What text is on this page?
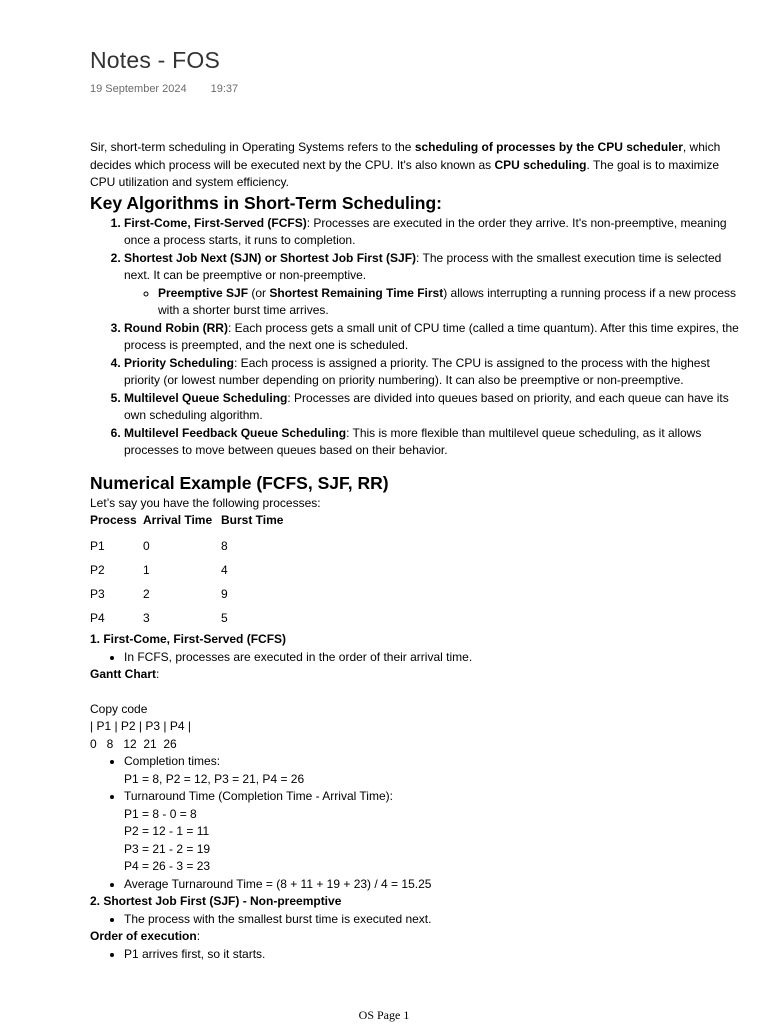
Notes - FOS
19 September 2024 19:37

Sir, short-term scheduling in Operating Systems refers to the scheduling of processes by the CPU scheduler, which decides which process will be executed next by the CPU. It's also known as CPU scheduling. The goal is to maximize CPU utilization and system efficiency.

Key Algorithms in Short-Term Scheduling:
1. First-Come, First-Served (FCFS): Processes are executed in the order they arrive. It's non-preemptive, meaning once a process starts, it runs to completion.
2. Shortest Job Next (SJN) or Shortest Job First (SJF): The process with the smallest execution time is selected next. It can be preemptive or non-preemptive.
◦ Preemptive SJF (or Shortest Remaining Time First) allows interrupting a running process if a new process with a shorter burst time arrives.
3. Round Robin (RR): Each process gets a small unit of CPU time (called a time quantum). After this time expires, the process is preempted, and the next one is scheduled.
4. Priority Scheduling: Each process is assigned a priority. The CPU is assigned to the process with the highest priority (or lowest number depending on priority numbering). It can also be preemptive or non-preemptive.
5. Multilevel Queue Scheduling: Processes are divided into queues based on priority, and each queue can have its own scheduling algorithm.
6. Multilevel Feedback Queue Scheduling: This is more flexible than multilevel queue scheduling, as it allows processes to move between queues based on their behavior.
Numerical Example (FCFS, SJF, RR)

Let’s say you have the following processes:

Process	Arrival Time	Burst Time
P1	0	8
P2	1	4
P3	2	9
P4	3	5

1. First-Come, First-Served (FCFS)

• In FCFS, processes are executed in the order of their arrival time.

Gantt Chart:

Copy code

| P1 | P2 | P3 | P4 |

0   8   12  21  26

• Completion times:
P1 = 8, P2 = 12, P3 = 21, P4 = 26
• Turnaround Time (Completion Time - Arrival Time):
P1 = 8 - 0 = 8
P2 = 12 - 1 = 11
P3 = 21 - 2 = 19
P4 = 26 - 3 = 23
• Average Turnaround Time = (8 + 11 + 19 + 23) / 4 = 15.25

2. Shortest Job First (SJF) - Non-preemptive

• The process with the smallest burst time is executed next.

Order of execution:

• P1 arrives first, so it starts.
OS Page 1
